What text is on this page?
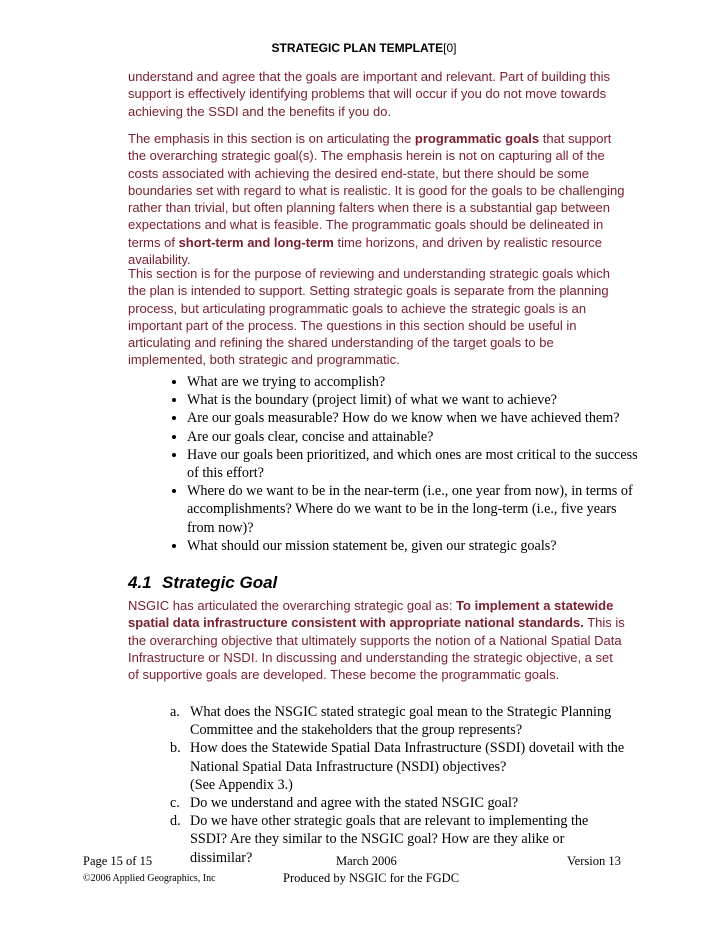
STRATEGIC PLAN TEMPLATE[0]

understand and agree that the goals are important and relevant. Part of building this support is effectively identifying problems that will occur if you do not move towards achieving the SSDI and the benefits if you do.

The emphasis in this section is on articulating the programmatic goals that support the overarching strategic goal(s). The emphasis herein is not on capturing all of the costs associated with achieving the desired end-state, but there should be some boundaries set with regard to what is realistic. It is good for the goals to be challenging rather than trivial, but often planning falters when there is a substantial gap between expectations and what is feasible. The programmatic goals should be delineated in terms of short-term and long-term time horizons, and driven by realistic resource availability.

This section is for the purpose of reviewing and understanding strategic goals which the plan is intended to support. Setting strategic goals is separate from the planning process, but articulating programmatic goals to achieve the strategic goals is an important part of the process. The questions in this section should be useful in articulating and refining the shared understanding of the target goals to be implemented, both strategic and programmatic.

• What are we trying to accomplish?
• What is the boundary (project limit) of what we want to achieve?
• Are our goals measurable? How do we know when we have achieved them?
• Are our goals clear, concise and attainable?
• Have our goals been prioritized, and which ones are most critical to the success of this effort?
• Where do we want to be in the near-term (i.e., one year from now), in terms of accomplishments? Where do we want to be in the long-term (i.e., five years from now)?
• What should our mission statement be, given our strategic goals?
4.1 Strategic Goal

NSGIC has articulated the overarching strategic goal as: To implement a statewide spatial data infrastructure consistent with appropriate national standards. This is the overarching objective that ultimately supports the notion of a National Spatial Data Infrastructure or NSDI. In discussing and understanding the strategic objective, a set of supportive goals are developed. These become the programmatic goals.

a. What does the NSGIC stated strategic goal mean to the Strategic Planning Committee and the stakeholders that the group represents?
b. How does the Statewide Spatial Data Infrastructure (SSDI) dovetail with the National Spatial Data Infrastructure (NSDI) objectives?
(See Appendix 3.)
c. Do we understand and agree with the stated NSGIC goal?
d. Do we have other strategic goals that are relevant to implementing the SSDI? Are they similar to the NSGIC goal? How are they alike or dissimilar?
Page 15 of 15	March 2006	Version 13
©2006 Applied Geographics, Inc	Produced by NSGIC for the FGDC
